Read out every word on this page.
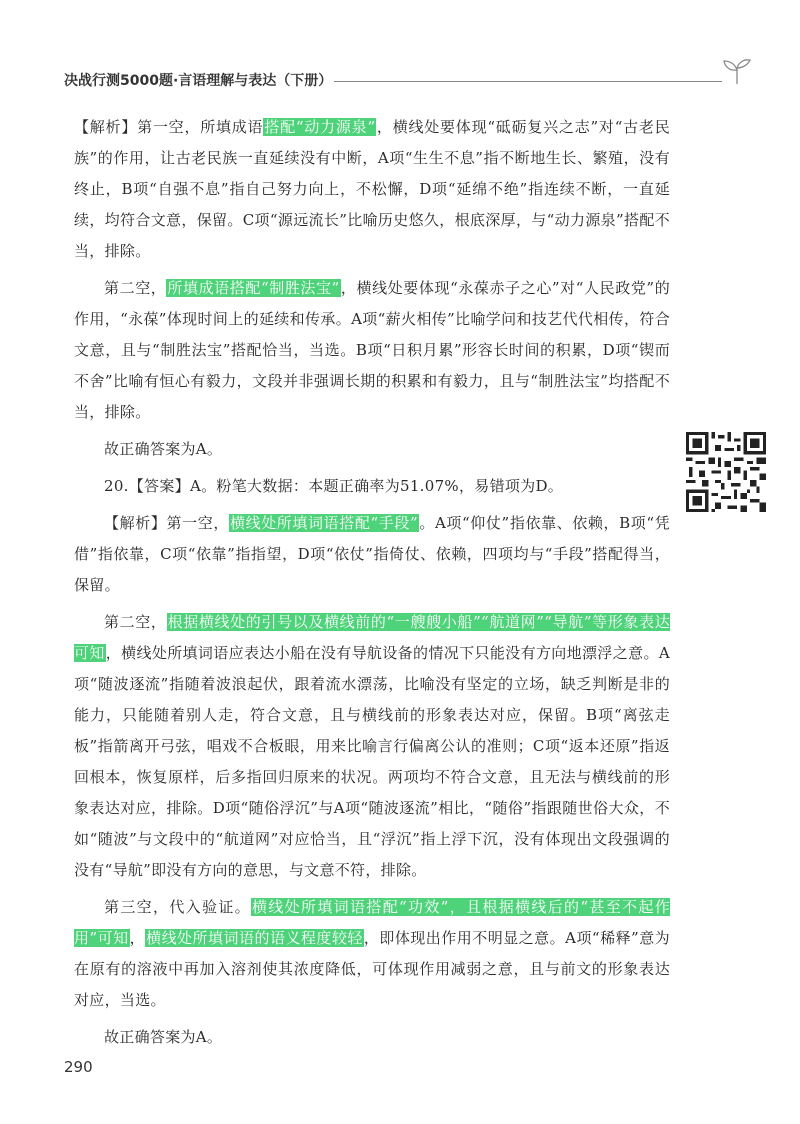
决战行测5000题·言语理解与表达（下册）

【解析】第一空，所填成语搭配“动力源泉”，横线处要体现“砥砺复兴之志”对“古老民族”的作用，让古老民族一直延续没有中断，A项“生生不息”指不断地生长、繁殖，没有终止，B项“自强不息”指自己努力向上，不松懈，D项“延绵不绝”指连续不断，一直延续，均符合文意，保留。C项“源远流长”比喻历史悠久，根底深厚，与“动力源泉”搭配不当，排除。

第二空，所填成语搭配“制胜法宝”，横线处要体现“永葆赤子之心”对“人民政党”的作用，“永葆”体现时间上的延续和传承。A项“薪火相传”比喻学问和技艺代代相传，符合文意，且与“制胜法宝”搭配恰当，当选。B项“日积月累”形容长时间的积累，D项“锲而不舍”比喻有恒心有毅力，文段并非强调长期的积累和有毅力，且与“制胜法宝”均搭配不当，排除。

故正确答案为A。

20.【答案】A。粉笔大数据：本题正确率为51.07%，易错项为D。

【解析】第一空，横线处所填词语搭配“手段”。A项“仰仗”指依靠、依赖，B项“凭借”指依靠，C项“依靠”指指望，D项“依仗”指倚仗、依赖，四项均与“手段”搭配得当，保留。

第二空，根据横线处的引号以及横线前的“一艘艘小船”“航道网”“导航”等形象表达可知，横线处所填词语应表达小船在没有导航设备的情况下只能没有方向地漂浮之意。A项“随波逐流”指随着波浪起伏，跟着流水漂荡，比喻没有坚定的立场，缺乏判断是非的能力，只能随着别人走，符合文意，且与横线前的形象表达对应，保留。B项“离弦走板”指箭离开弓弦，唱戏不合板眼，用来比喻言行偏离公认的准则；C项“返本还原”指返回根本，恢复原样，后多指回归原来的状况。两项均不符合文意，且无法与横线前的形象表达对应，排除。D项“随俗浮沉”与A项“随波逐流”相比，“随俗”指跟随世俗大众，不如“随波”与文段中的“航道网”对应恰当，且“浮沉”指上浮下沉，没有体现出文段强调的没有“导航”即没有方向的意思，与文意不符，排除。

第三空，代入验证。横线处所填词语搭配“功效”，且根据横线后的“甚至不起作用”可知，横线处所填词语的语义程度较轻，即体现出作用不明显之意。A项“稀释”意为在原有的溶液中再加入溶剂使其浓度降低，可体现作用减弱之意，且与前文的形象表达对应，当选。

故正确答案为A。

290
